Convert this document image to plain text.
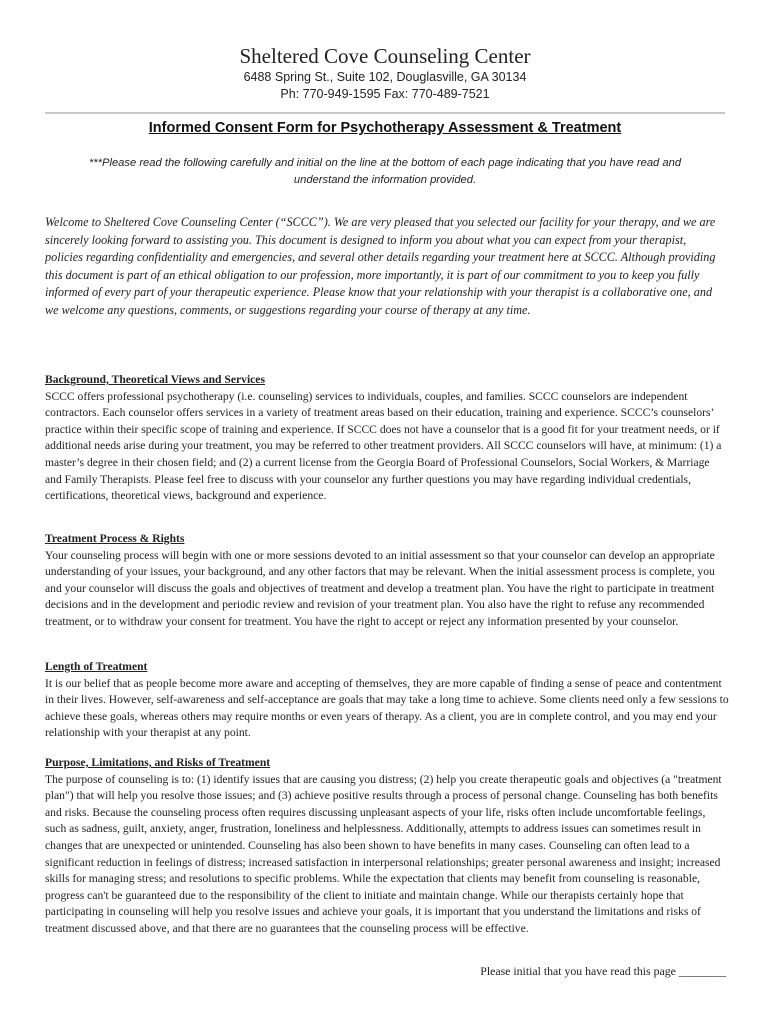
Sheltered Cove Counseling Center
6488 Spring St., Suite 102, Douglasville, GA 30134
Ph: 770-949-1595 Fax: 770-489-7521
Informed Consent Form for Psychotherapy Assessment & Treatment
***Please read the following carefully and initial on the line at the bottom of each page indicating that you have read and understand the information provided.
Welcome to Sheltered Cove Counseling Center (“SCCC”). We are very pleased that you selected our facility for your therapy, and we are sincerely looking forward to assisting you. This document is designed to inform you about what you can expect from your therapist, policies regarding confidentiality and emergencies, and several other details regarding your treatment here at SCCC. Although providing this document is part of an ethical obligation to our profession, more importantly, it is part of our commitment to you to keep you fully informed of every part of your therapeutic experience. Please know that your relationship with your therapist is a collaborative one, and we welcome any questions, comments, or suggestions regarding your course of therapy at any time.
Background, Theoretical Views and Services

SCCC offers professional psychotherapy (i.e. counseling) services to individuals, couples, and families. SCCC counselors are independent contractors. Each counselor offers services in a variety of treatment areas based on their education, training and experience. SCCC’s counselors’ practice within their specific scope of training and experience. If SCCC does not have a counselor that is a good fit for your treatment needs, or if additional needs arise during your treatment, you may be referred to other treatment providers. All SCCC counselors will have, at minimum: (1) a master’s degree in their chosen field; and (2) a current license from the Georgia Board of Professional Counselors, Social Workers, & Marriage and Family Therapists. Please feel free to discuss with your counselor any further questions you may have regarding individual credentials, certifications, theoretical views, background and experience.

Treatment Process & Rights

Your counseling process will begin with one or more sessions devoted to an initial assessment so that your counselor can develop an appropriate understanding of your issues, your background, and any other factors that may be relevant. When the initial assessment process is complete, you and your counselor will discuss the goals and objectives of treatment and develop a treatment plan. You have the right to participate in treatment decisions and in the development and periodic review and revision of your treatment plan. You also have the right to refuse any recommended treatment, or to withdraw your consent for treatment. You have the right to accept or reject any information presented by your counselor.

Length of Treatment

It is our belief that as people become more aware and accepting of themselves, they are more capable of finding a sense of peace and contentment in their lives. However, self-awareness and self-acceptance are goals that may take a long time to achieve. Some clients need only a few sessions to achieve these goals, whereas others may require months or even years of therapy. As a client, you are in complete control, and you may end your relationship with your therapist at any point.

Purpose, Limitations, and Risks of Treatment

The purpose of counseling is to: (1) identify issues that are causing you distress; (2) help you create therapeutic goals and objectives (a "treatment plan") that will help you resolve those issues; and (3) achieve positive results through a process of personal change. Counseling has both benefits and risks. Because the counseling process often requires discussing unpleasant aspects of your life, risks often include uncomfortable feelings, such as sadness, guilt, anxiety, anger, frustration, loneliness and helplessness. Additionally, attempts to address issues can sometimes result in changes that are unexpected or unintended. Counseling has also been shown to have benefits in many cases. Counseling can often lead to a significant reduction in feelings of distress; increased satisfaction in interpersonal relationships; greater personal awareness and insight; increased skills for managing stress; and resolutions to specific problems. While the expectation that clients may benefit from counseling is reasonable, progress can't be guaranteed due to the responsibility of the client to initiate and maintain change. While our therapists certainly hope that participating in counseling will help you resolve issues and achieve your goals, it is important that you understand the limitations and risks of treatment discussed above, and that there are no guarantees that the counseling process will be effective.

Please initial that you have read this page ________
